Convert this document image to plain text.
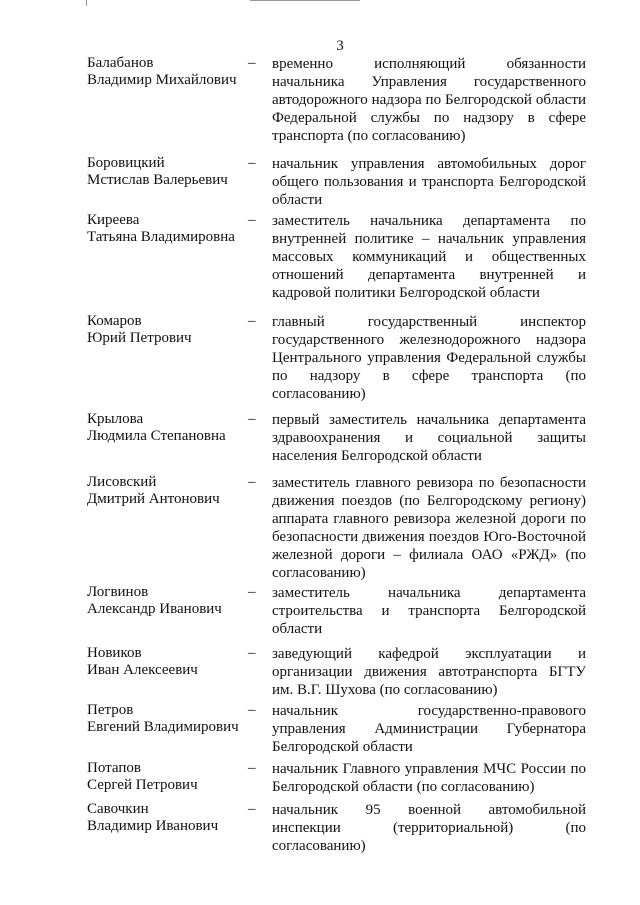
3
Балабанов
Владимир Михайлович
– временно исполняющий обязанности начальника Управления государственного автодорожного надзора по Белгородской области Федеральной службы по надзору в сфере транспорта (по согласованию)
Боровицкий
Мстислав Валерьевич
– начальник управления автомобильных дорог общего пользования и транспорта Белгородской области
Киреева
Татьяна Владимировна
– заместитель начальника департамента по внутренней политике – начальник управления массовых коммуникаций и общественных отношений департамента внутренней и кадровой политики Белгородской области
Комаров
Юрий Петрович
– главный государственный инспектор государственного железнодорожного надзора Центрального управления Федеральной службы по надзору в сфере транспорта (по согласованию)
Крылова
Людмила Степановна
– первый заместитель начальника департамента здравоохранения и социальной защиты населения Белгородской области
Лисовский
Дмитрий Антонович
– заместитель главного ревизора по безопасности движения поездов (по Белгородскому региону) аппарата главного ревизора железной дороги по безопасности движения поездов Юго-Восточной железной дороги – филиала ОАО «РЖД» (по согласованию)
Логвинов
Александр Иванович
– заместитель начальника департамента строительства и транспорта Белгородской области
Новиков
Иван Алексеевич
– заведующий кафедрой эксплуатации и организации движения автотранспорта БГТУ им. В.Г. Шухова (по согласованию)
Петров
Евгений Владимирович
– начальник государственно-правового управления Администрации Губернатора Белгородской области
Потапов
Сергей Петрович
– начальник Главного управления МЧС России по Белгородской области (по согласованию)
Савочкин
Владимир Иванович
– начальник 95 военной автомобильной инспекции (территориальной) (по согласованию)
